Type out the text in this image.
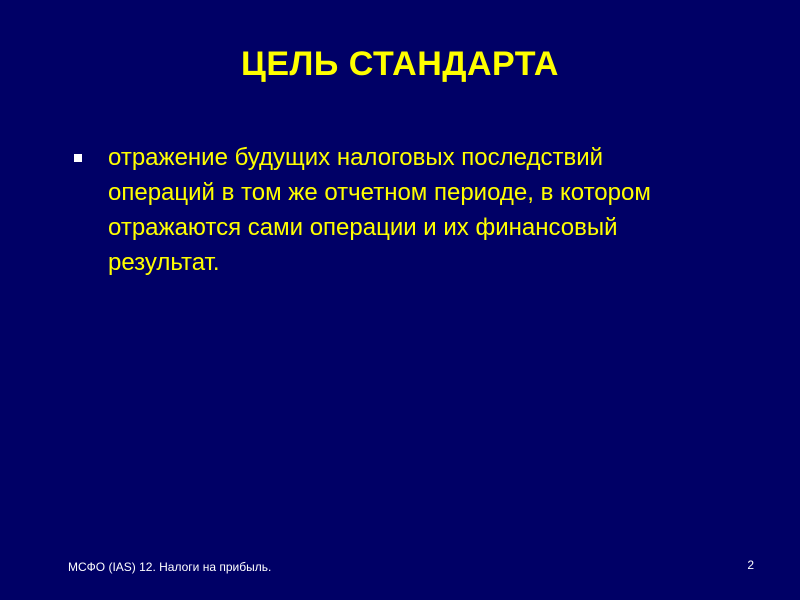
ЦЕЛЬ СТАНДАРТА
отражение будущих налоговых последствий операций в том же отчетном периоде, в котором отражаются сами операции и их финансовый результат.
МСФО (IAS) 12. Налоги на прибыль.	2
